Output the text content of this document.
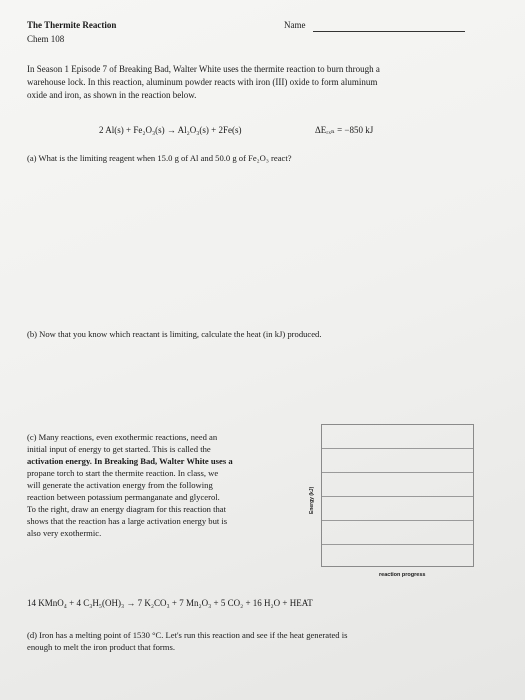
The Thermite Reaction
Chem 108
Name
In Season 1 Episode 7 of Breaking Bad, Walter White uses the thermite reaction to burn through a
warehouse lock. In this reaction, aluminum powder reacts with iron (III) oxide to form aluminum
oxide and iron, as shown in the reaction below.
2 Al(s) + Fe₂O₃(s) → Al₂O₃(s) + 2Fe(s)	ΔEᵣₓₙ = −850 kJ
(a) What is the limiting reagent when 15.0 g of Al and 50.0 g of Fe₂O₃ react?
(b) Now that you know which reactant is limiting, calculate the heat (in kJ) produced.
(c) Many reactions, even exothermic reactions, need an
initial input of energy to get started. This is called the
activation energy. In Breaking Bad, Walter White uses a
propane torch to start the thermite reaction. In class, we
will generate the activation energy from the following
reaction between potassium permanganate and glycerol.
To the right, draw an energy diagram for this reaction that
shows that the reaction has a large activation energy but is
also very exothermic.
Energy (kJ)
reaction progress
14 KMnO₄ + 4 C₃H₅(OH)₃ → 7 K₂CO₃ + 7 Mn₂O₃ + 5 CO₂ + 16 H₂O + HEAT
(d) Iron has a melting point of 1530 °C. Let's run this reaction and see if the heat generated is
enough to melt the iron product that forms.
